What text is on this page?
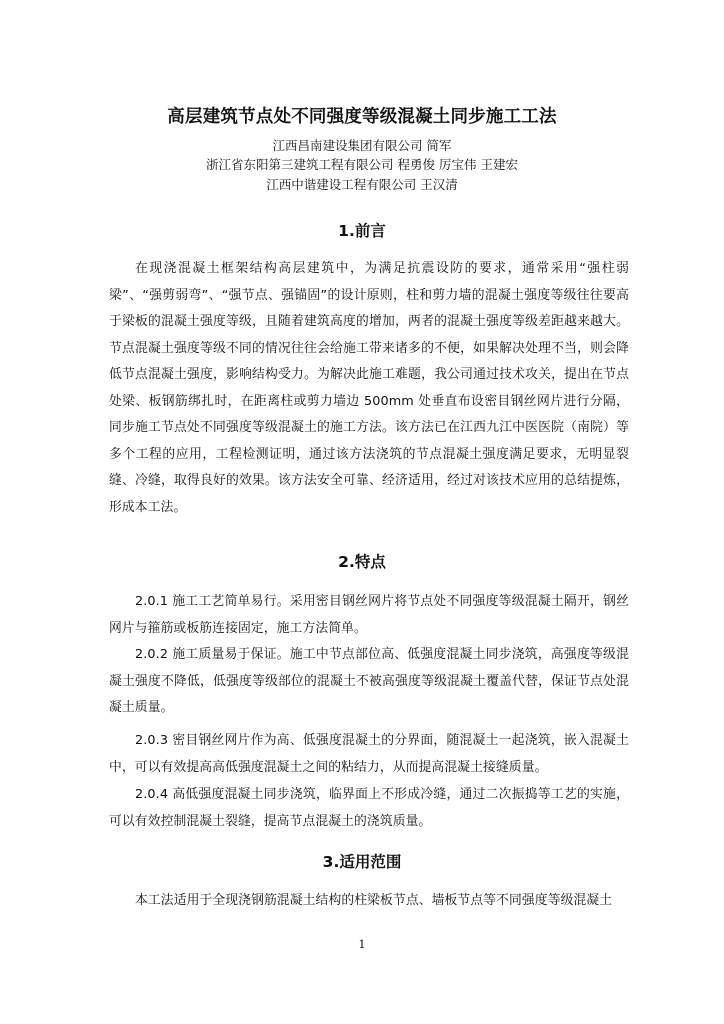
高层建筑节点处不同强度等级混凝土同步施工工法
江西昌南建设集团有限公司 简军
浙江省东阳第三建筑工程有限公司 程勇俊 厉宝伟 王建宏
江西中谐建设工程有限公司 王汉清
1.前言

在现浇混凝土框架结构高层建筑中，为满足抗震设防的要求，通常采用“强柱弱梁”、“强剪弱弯”、“强节点、强锚固”的设计原则，柱和剪力墙的混凝土强度等级往往要高于梁板的混凝土强度等级，且随着建筑高度的增加，两者的混凝土强度等级差距越来越大。节点混凝土强度等级不同的情况往往会给施工带来诸多的不便，如果解决处理不当，则会降低节点混凝土强度，影响结构受力。为解决此施工难题，我公司通过技术攻关，提出在节点处梁、板钢筋绑扎时，在距离柱或剪力墙边 500mm 处垂直布设密目钢丝网片进行分隔，同步施工节点处不同强度等级混凝土的施工方法。该方法已在江西九江中医医院（南院）等多个工程的应用，工程检测证明，通过该方法浇筑的节点混凝土强度满足要求，无明显裂缝、冷缝，取得良好的效果。该方法安全可靠、经济适用，经过对该技术应用的总结提炼，形成本工法。

2.特点

2.0.1 施工工艺简单易行。采用密目钢丝网片将节点处不同强度等级混凝土隔开，钢丝网片与箍筋或板筋连接固定，施工方法简单。

2.0.2 施工质量易于保证。施工中节点部位高、低强度混凝土同步浇筑，高强度等级混凝土强度不降低，低强度等级部位的混凝土不被高强度等级混凝土覆盖代替，保证节点处混凝土质量。

2.0.3 密目钢丝网片作为高、低强度混凝土的分界面，随混凝土一起浇筑，嵌入混凝土中，可以有效提高高低强度混凝土之间的粘结力，从而提高混凝土接缝质量。

2.0.4 高低强度混凝土同步浇筑，临界面上不形成冷缝，通过二次振捣等工艺的实施，可以有效控制混凝土裂缝，提高节点混凝土的浇筑质量。

3.适用范围

本工法适用于全现浇钢筋混凝土结构的柱梁板节点、墙板节点等不同强度等级混凝土

1
